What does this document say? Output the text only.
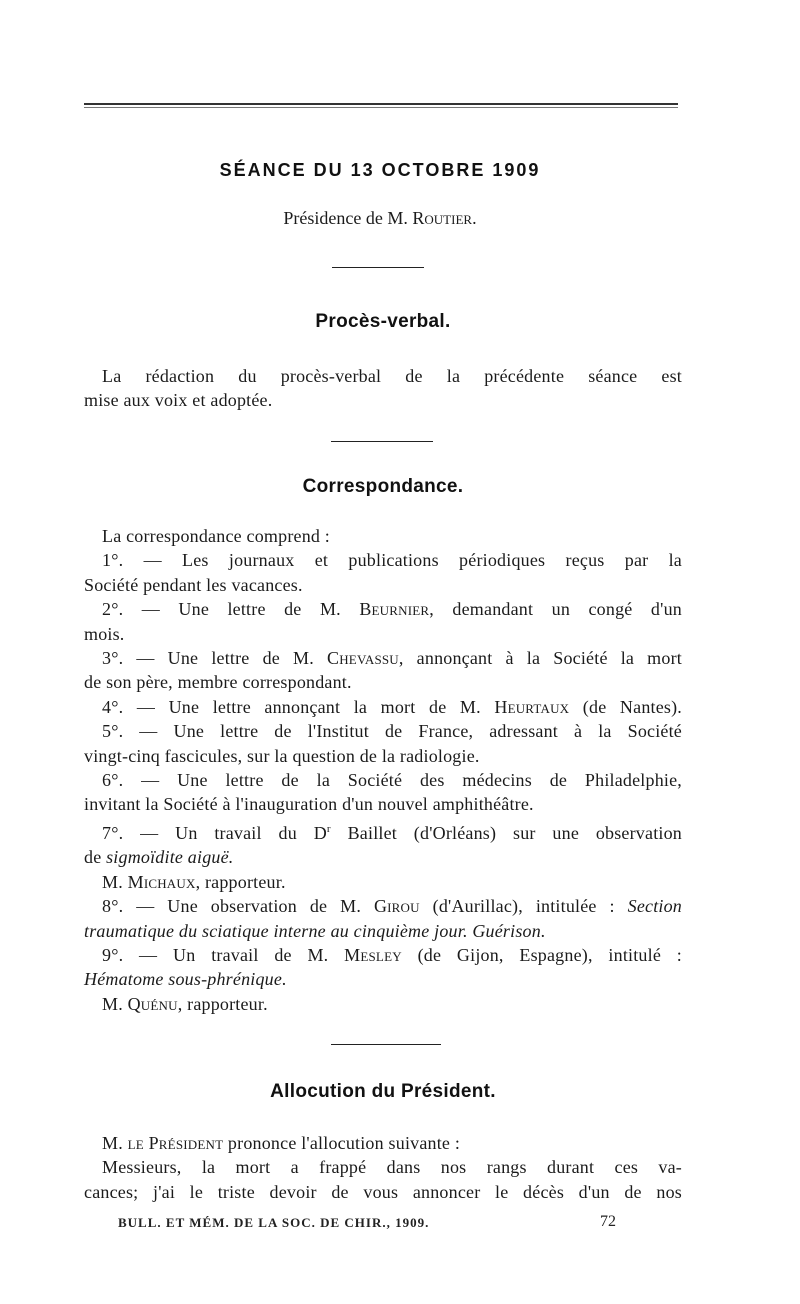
SÉANCE DU 13 OCTOBRE 1909
Présidence de M. Routier.
Procès-verbal.
La rédaction du procès-verbal de la précédente séance est
mise aux voix et adoptée.
Correspondance.
La correspondance comprend :
1°. — Les journaux et publications périodiques reçus par la
Société pendant les vacances.
2°. — Une lettre de M. Beurnier, demandant un congé d'un
mois.
3°. — Une lettre de M. Chevassu, annonçant à la Société la mort
de son père, membre correspondant.
4°. — Une lettre annonçant la mort de M. Heurtaux (de Nantes).
5°. — Une lettre de l'Institut de France, adressant à la Société
vingt-cinq fascicules, sur la question de la radiologie.
6°. — Une lettre de la Société des médecins de Philadelphie,
invitant la Société à l'inauguration d'un nouvel amphithéâtre.
7°. — Un travail du $D^r$ Baillet (d'Orléans) sur une observation
de sigmoïdite aiguë.
M. Michaux, rapporteur.
8°. — Une observation de M. Girou (d'Aurillac), intitulée : Section
traumatique du sciatique interne au cinquième jour. Guérison.
9°. — Un travail de M. Mesley (de Gijon, Espagne), intitulé :
Hématome sous-phrénique.
M. Quénu, rapporteur.
Allocution du Président.
M. le Président prononce l'allocution suivante :
Messieurs, la mort a frappé dans nos rangs durant ces va-
cances; j'ai le triste devoir de vous annoncer le décès d'un de nos
BULL. ET MÉM. DE LA SOC. DE CHIR., 1909.	72
